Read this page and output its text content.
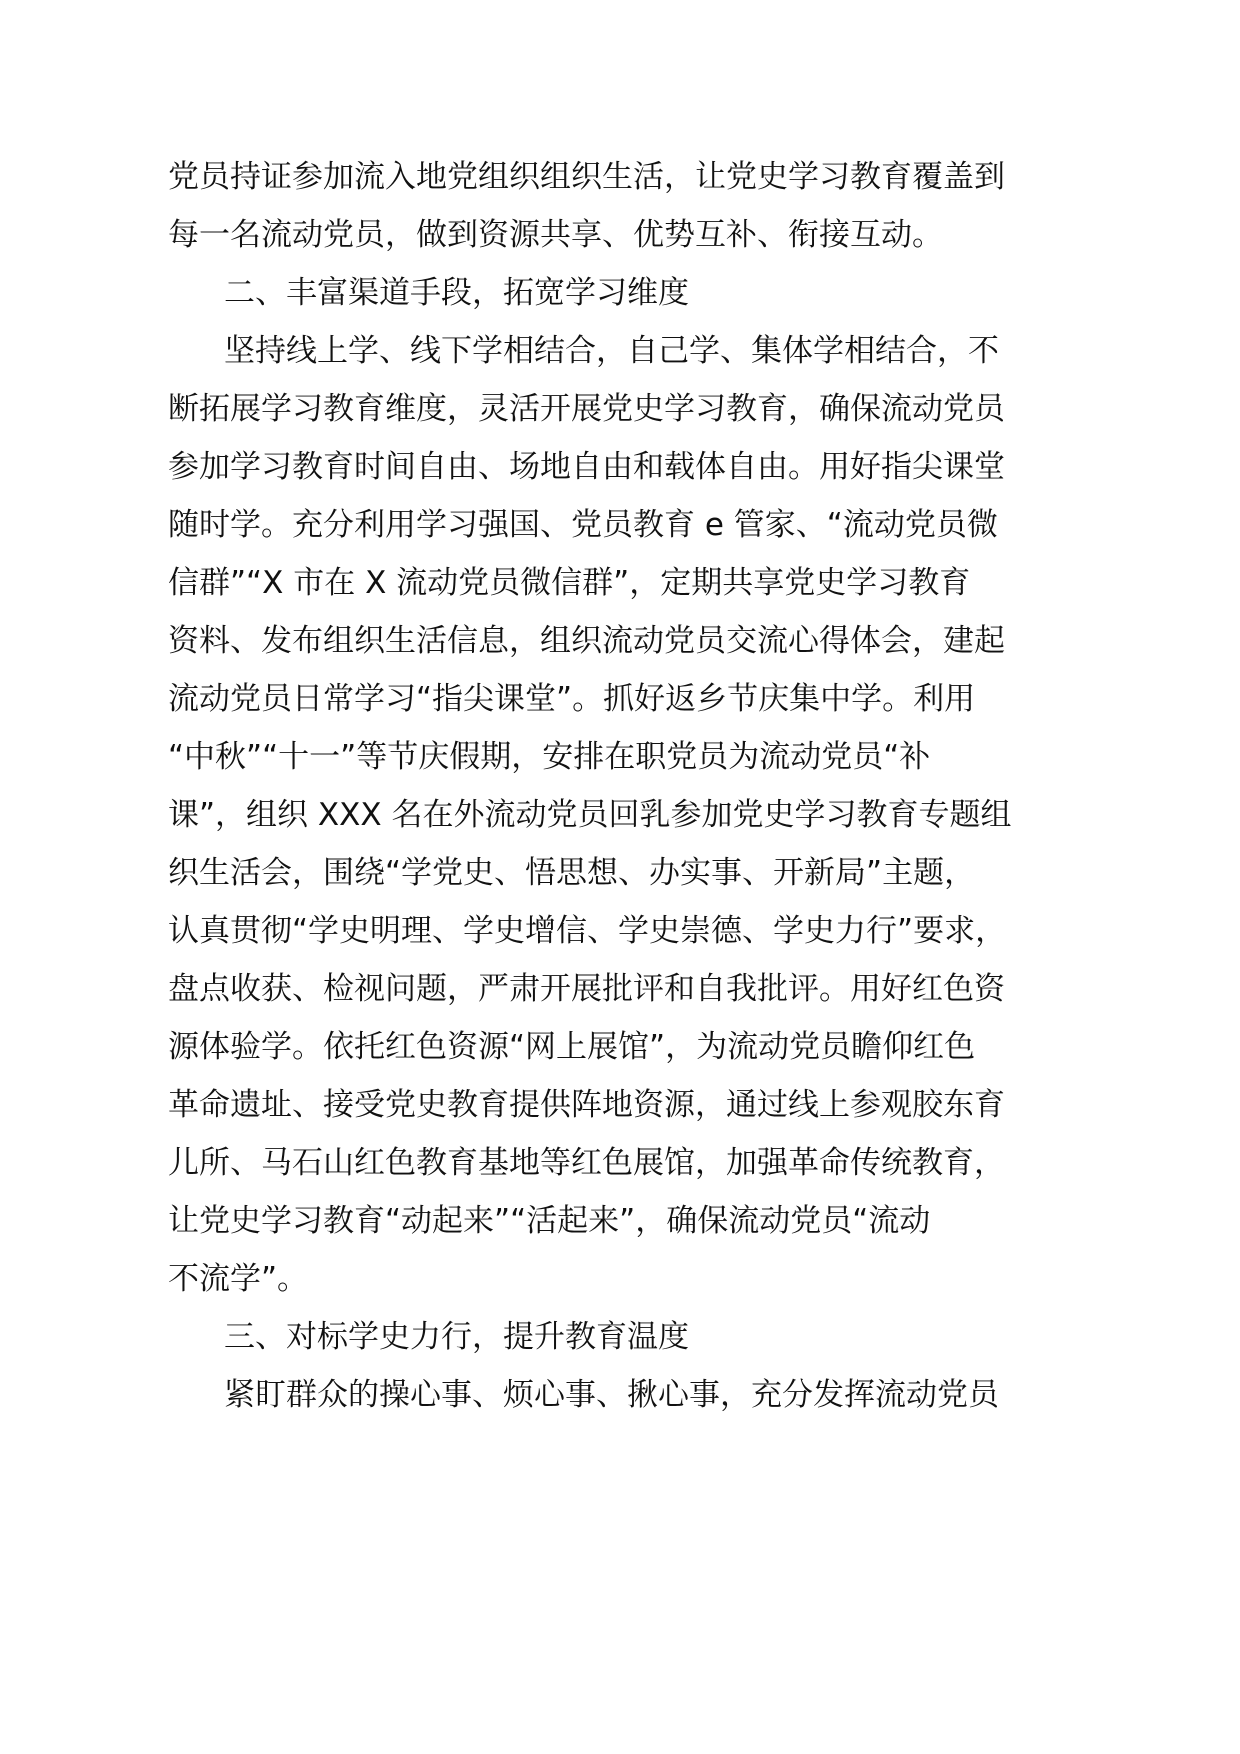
党员持证参加流入地党组织组织生活，让党史学习教育覆盖到
每一名流动党员，做到资源共享、优势互补、衔接互动。
二、丰富渠道手段，拓宽学习维度
坚持线上学、线下学相结合，自己学、集体学相结合，不
断拓展学习教育维度，灵活开展党史学习教育，确保流动党员
参加学习教育时间自由、场地自由和载体自由。用好指尖课堂
随时学。充分利用学习强国、党员教育 e 管家、“流动党员微
信群”“X 市在 X 流动党员微信群”，定期共享党史学习教育
资料、发布组织生活信息，组织流动党员交流心得体会，建起
流动党员日常学习“指尖课堂”。抓好返乡节庆集中学。利用
“中秋”“十一”等节庆假期，安排在职党员为流动党员“补
课”，组织 XXX 名在外流动党员回乳参加党史学习教育专题组
织生活会，围绕“学党史、悟思想、办实事、开新局”主题，
认真贯彻“学史明理、学史增信、学史崇德、学史力行”要求，
盘点收获、检视问题，严肃开展批评和自我批评。用好红色资
源体验学。依托红色资源“网上展馆”，为流动党员瞻仰红色
革命遗址、接受党史教育提供阵地资源，通过线上参观胶东育
儿所、马石山红色教育基地等红色展馆，加强革命传统教育，
让党史学习教育“动起来”“活起来”，确保流动党员“流动
不流学”。
三、对标学史力行，提升教育温度
紧盯群众的操心事、烦心事、揪心事，充分发挥流动党员
